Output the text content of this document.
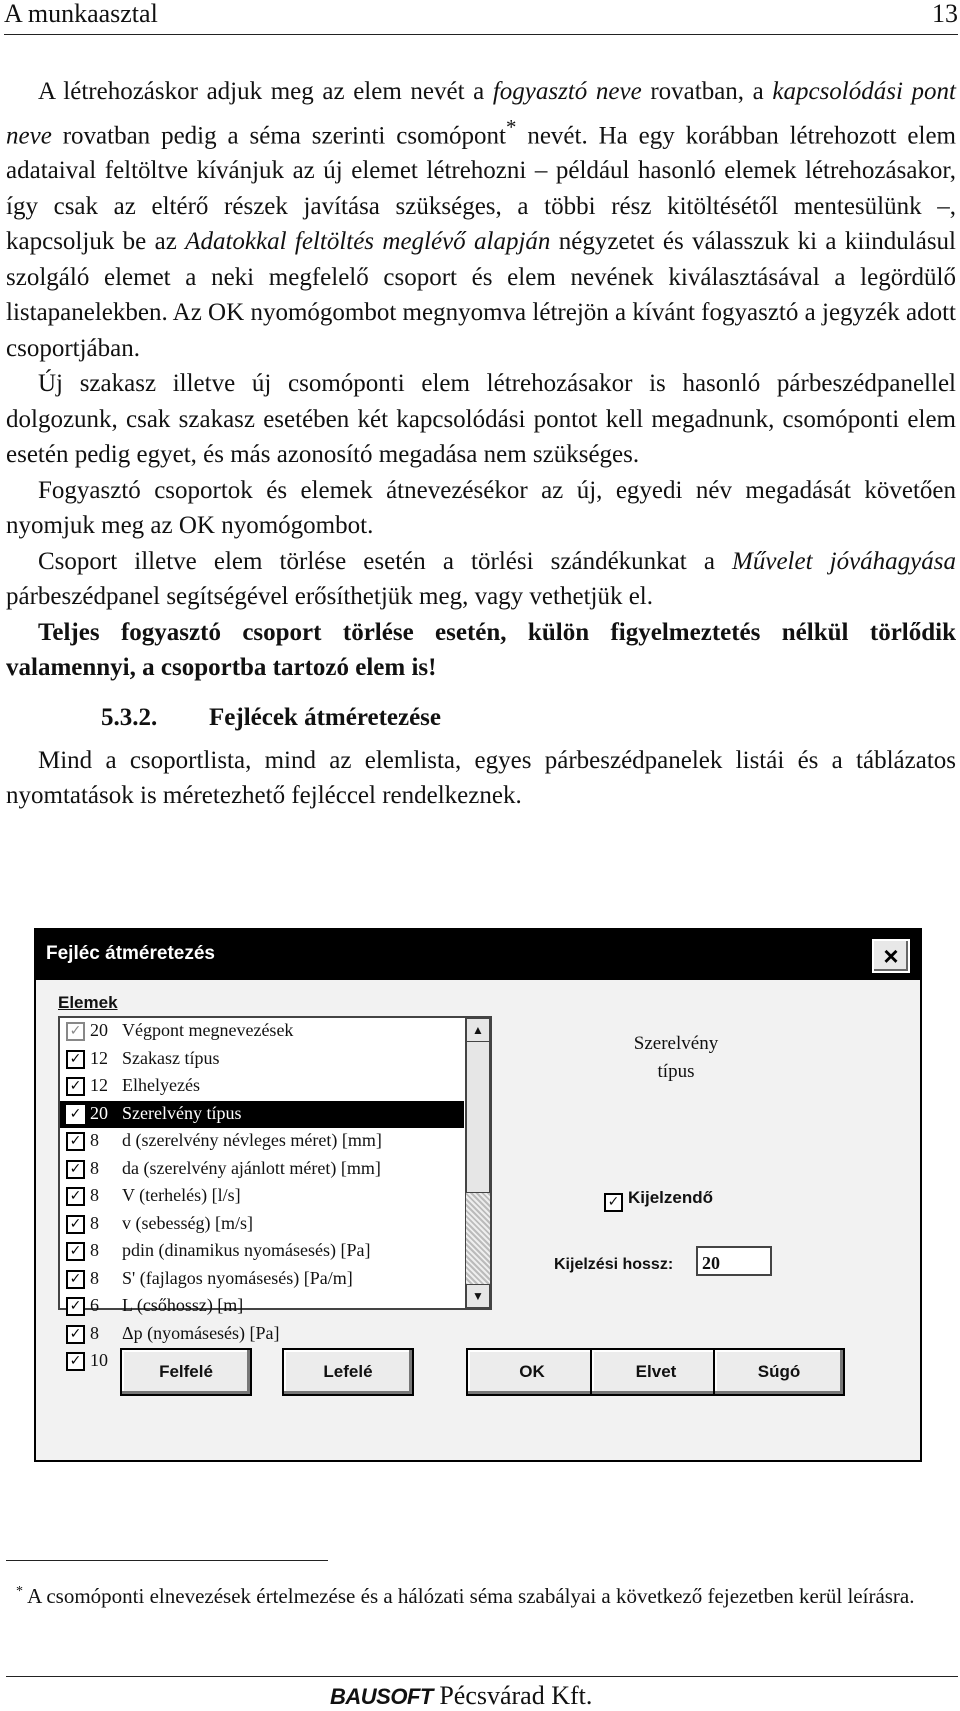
A munkaasztal	13

A létrehozáskor adjuk meg az elem nevét a fogyasztó neve rovatban, a kapcsolódási pont neve rovatban pedig a séma szerinti csomópont* nevét. Ha egy korábban létrehozott elem adataival feltöltve kívánjuk az új elemet létrehozni – például hasonló elemek létrehozásakor, így csak az eltérő részek javítása szükséges, a többi rész kitöltésétől mentesülünk –, kapcsoljuk be az Adatokkal feltöltés meglévő alapján négyzetet és válasszuk ki a kiindulásul szolgáló elemet a neki megfelelő csoport és elem nevének kiválasztásával a legördülő listapanelekben. Az OK nyomógombot megnyomva létrejön a kívánt fogyasztó a jegyzék adott csoportjában.

Új szakasz illetve új csomóponti elem létrehozásakor is hasonló párbeszédpanellel dolgozunk, csak szakasz esetében két kapcsolódási pontot kell megadnunk, csomóponti elem esetén pedig egyet, és más azonosító megadása nem szükséges.

Fogyasztó csoportok és elemek átnevezésékor az új, egyedi név megadását követően nyomjuk meg az OK nyomógombot.

Csoport illetve elem törlése esetén a törlési szándékunkat a Művelet jóváhagyása párbeszédpanel segítségével erősíthetjük meg, vagy vethetjük el.

Teljes fogyasztó csoport törlése esetén, külön figyelmeztetés nélkül törlődik valamennyi, a csoportba tartozó elem is!

5.3.2. Fejlécek átméretezése

Mind a csoportlista, mind az elemlista, egyes párbeszédpanelek listái és a táblázatos nyomtatások is méretezhető fejléccel rendelkeznek.

Fejléc átméretezés	×
Elemek
✓ 20 Végpont megnevezések
✓ 12 Szakasz típus
✓ 12 Elhelyezés
✓ 20 Szerelvény típus
✓ 8 d (szerelvény névleges méret) [mm]
✓ 8 da (szerelvény ajánlott méret) [mm]
✓ 8 V (terhelés) [l/s]
✓ 8 v (sebesség) [m/s]
✓ 8 pdin (dinamikus nyomásesés) [Pa]
✓ 8 S' (fajlagos nyomásesés) [Pa/m]
✓ 6 L (csőhossz) [m]
✓ 8 Δp (nyomásesés) [Pa]
✓ 10
▲
▼
Szerelvény
típus
✓ Kijelzendő
Kijelzési hossz:	20
Felfelé	Lefelé	OK	Elvet	Súgó
* A csomóponti elnevezések értelmezése és a hálózati séma szabályai a következő fejezetben kerül leírásra.
BAUSOFT Pécsvárad Kft.
